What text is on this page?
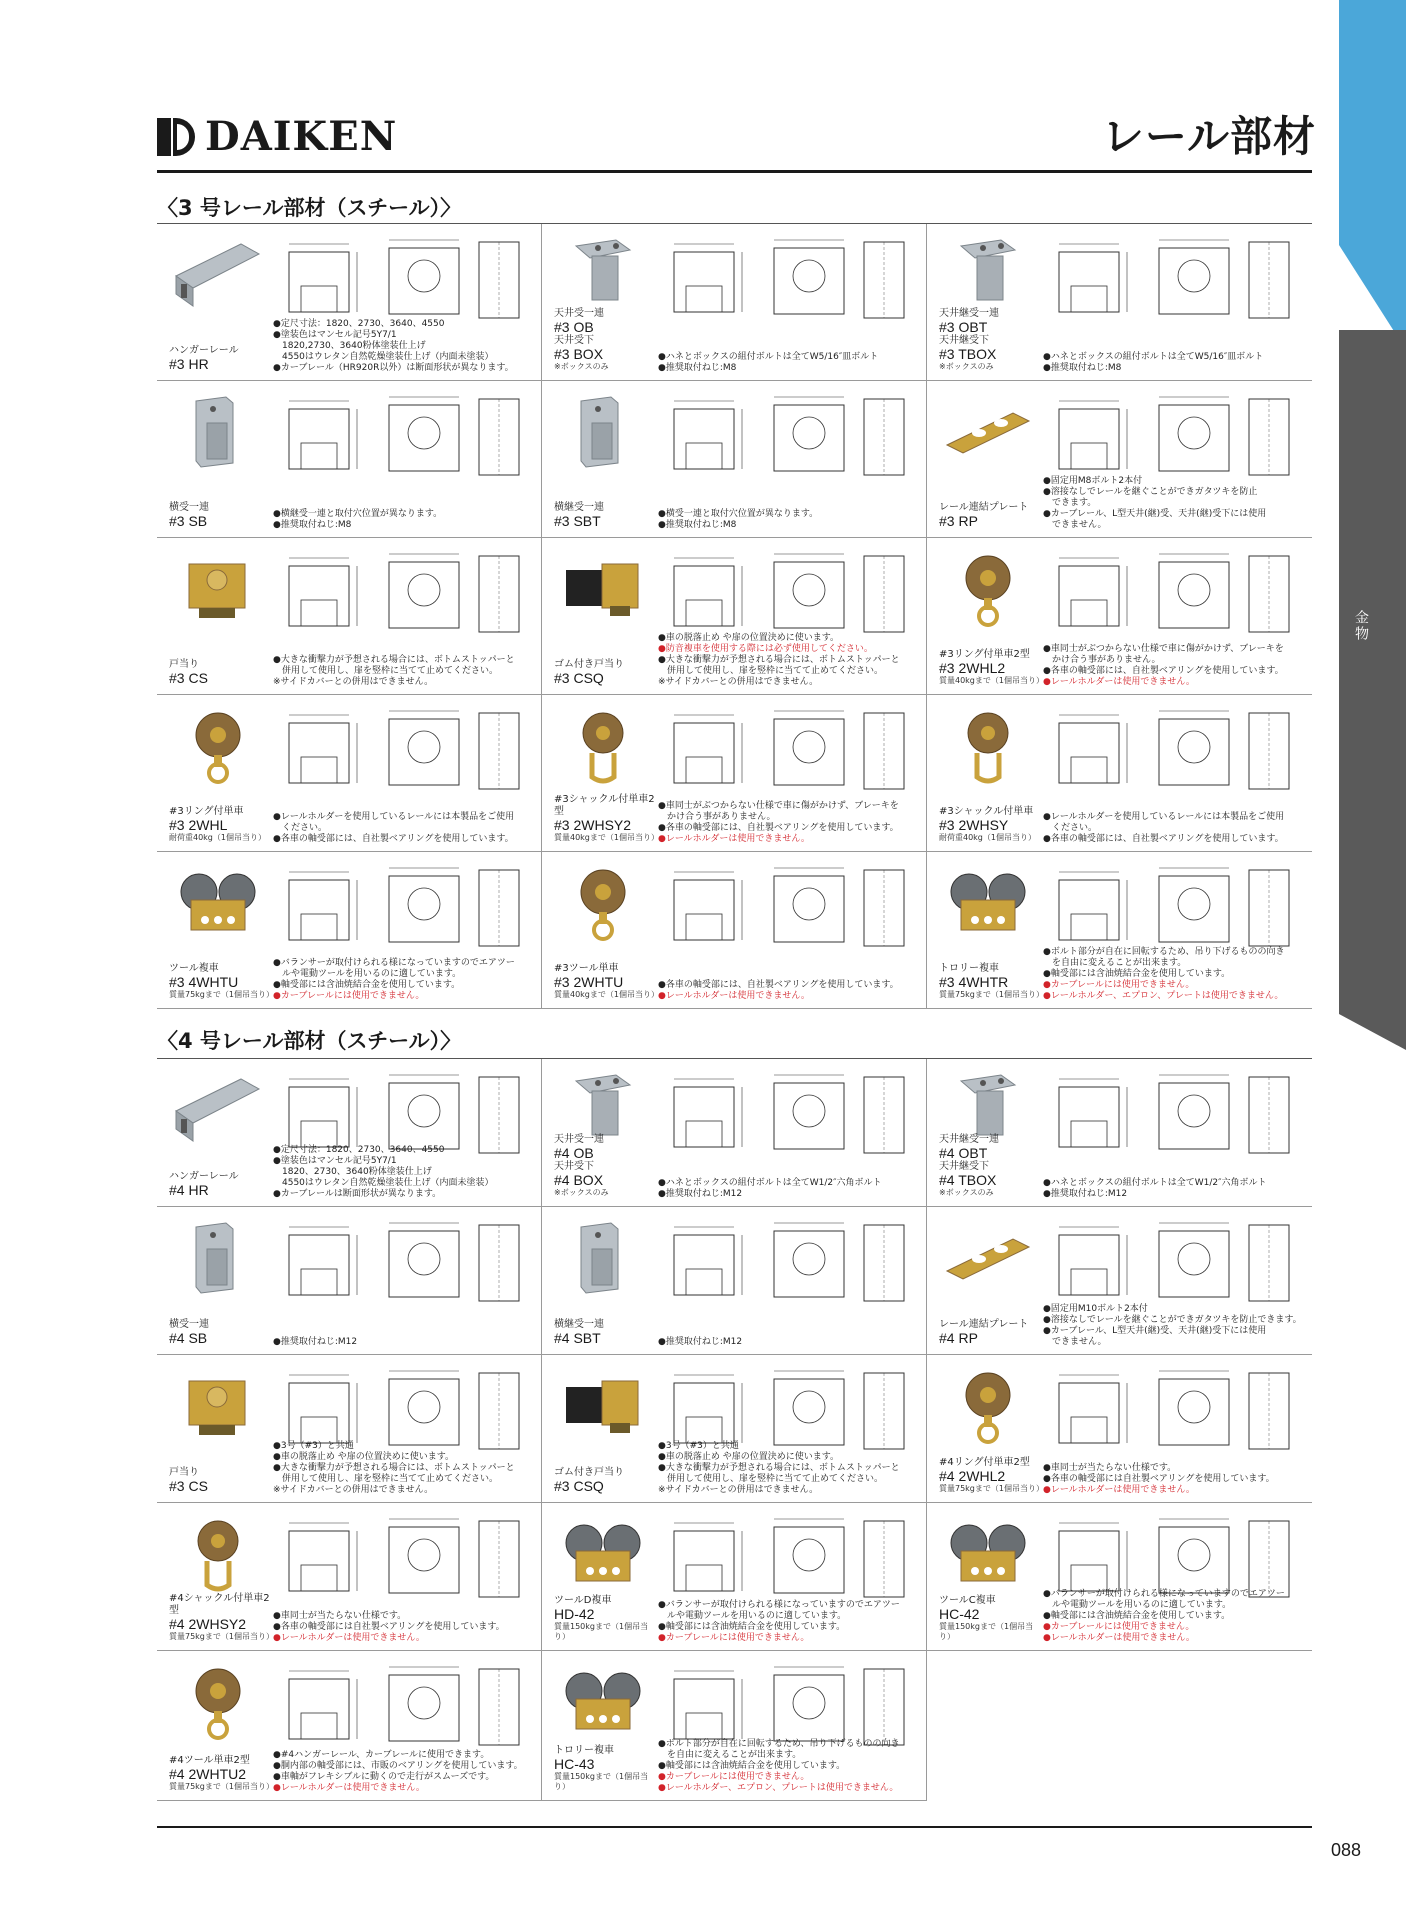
金物
DAIKEN	レール部材
〈3 号レール部材（スチール）〉
ハンガーレール
#3 HR

●定尺寸法：1820、2730、3640、4550

●塗装色はマンセル記号5Y7/1

　1820,2730、3640粉体塗装仕上げ

　4550はウレタン自然乾燥塗装仕上げ（内面未塗装）

●カーブレール（HR920R以外）は断面形状が異なります。

天井受一連
#3 OB
天井受下
#3 BOX
※ボックスのみ

●ハネとボックスの組付ボルトは全てW5/16″皿ボルト

●推奨取付ねじ:M8

天井継受一連
#3 OBT
天井継受下
#3 TBOX
※ボックスのみ

●ハネとボックスの組付ボルトは全てW5/16″皿ボルト

●推奨取付ねじ:M8

横受一連
#3 SB	●横継受一連と取付穴位置が異なります。

●推奨取付ねじ:M8

横継受一連
#3 SBT	●横受一連と取付穴位置が異なります。

●推奨取付ねじ:M8

レール連結プレート
#3 RP

●固定用M8ボルト2本付

●溶接なしでレールを継ぐことができガタツキを防止

　できます。

●カーブレール、L型天井(継)受、天井(継)受下には使用

　できません。

戸当り
#3 CS

●大きな衝撃力が予想される場合には、ボトムストッパーと

　併用して使用し、扉を竪枠に当てて止めてください。

※サイドカバーとの併用はできません。

ゴム付き戸当り
#3 CSQ

●車の脱落止め や扉の位置決めに使います。

●防音複車を使用する際には必ず使用してください。

●大きな衝撃力が予想される場合には、ボトムストッパーと

　併用して使用し、扉を竪枠に当てて止めてください。

※サイドカバーとの併用はできません。

#3リング付単車2型
#3 2WHL2
質量40kgまで（1個吊当り）

●車同士がぶつからない仕様で車に傷がかけず、ブレーキを

　かけ合う事がありません。

●各車の軸受部には、自社製ベアリングを使用しています。

●レールホルダーは使用できません。

#3リング付単車
#3 2WHL
耐荷重40kg（1個吊当り）

●レールホルダーを使用しているレールには本製品をご使用

　ください。

●各車の軸受部には、自社製ベアリングを使用しています。

#3シャックル付単車2型
#3 2WHSY2
質量40kgまで（1個吊当り）

●車同士がぶつからない仕様で車に傷がかけず、ブレーキを

　かけ合う事がありません。

●各車の軸受部には、自社製ベアリングを使用しています。

●レールホルダーは使用できません。

#3シャックル付単車
#3 2WHSY
耐荷重40kg（1個吊当り）

●レールホルダーを使用しているレールには本製品をご使用

　ください。

●各車の軸受部には、自社製ベアリングを使用しています。

ツール複車
#3 4WHTU
質量75kgまで（1個吊当り）

●バランサーが取付けられる様になっていますのでエアツー

　ルや電動ツールを用いるのに適しています。

●軸受部には含油焼結合金を使用しています。

●カーブレールには使用できません。

#3ツール単車
#3 2WHTU
質量40kgまで（1個吊当り）

●各車の軸受部には、自社製ベアリングを使用しています。

●レールホルダーは使用できません。

トロリー複車
#3 4WHTR
質量75kgまで（1個吊当り）

●ボルト部分が自在に回転するため、吊り下げるものの向き

　を自由に変えることが出来ます。

●軸受部には含油焼結合金を使用しています。

●カーブレールには使用できません。

●レールホルダー、エプロン、プレートは使用できません。

〈4 号レール部材（スチール）〉
ハンガーレール
#4 HR

●定尺寸法：1820、2730、3640、4550

●塗装色はマンセル記号5Y7/1

　1820、2730、3640粉体塗装仕上げ

　4550はウレタン自然乾燥塗装仕上げ（内面未塗装）

●カーブレールは断面形状が異なります。

天井受一連
#4 OB
天井受下
#4 BOX
※ボックスのみ

●ハネとボックスの組付ボルトは全てW1/2″六角ボルト

●推奨取付ねじ:M12

天井継受一連
#4 OBT
天井継受下
#4 TBOX
※ボックスのみ

●ハネとボックスの組付ボルトは全てW1/2″六角ボルト

●推奨取付ねじ:M12

横受一連
#4 SB	●推奨取付ねじ:M12

横継受一連
#4 SBT	●推奨取付ねじ:M12

レール連結プレート
#4 RP

●固定用M10ボルト2本付

●溶接なしでレールを継ぐことができガタツキを防止できます。

●カーブレール、L型天井(継)受、天井(継)受下には使用

　できません。

戸当り
#3 CS

●3号（#3）と共通

●車の脱落止め や扉の位置決めに使います。

●大きな衝撃力が予想される場合には、ボトムストッパーと

　併用して使用し、扉を竪枠に当てて止めてください。

※サイドカバーとの併用はできません。

ゴム付き戸当り
#3 CSQ

●3号（#3）と共通

●車の脱落止め や扉の位置決めに使います。

●大きな衝撃力が予想される場合には、ボトムストッパーと

　併用して使用し、扉を竪枠に当てて止めてください。

※サイドカバーとの併用はできません。

#4リング付単車2型
#4 2WHL2
質量75kgまで（1個吊当り）

●車同士が当たらない仕様です。

●各車の軸受部には自社製ベアリングを使用しています。

●レールホルダーは使用できません。

#4シャックル付単車2型
#4 2WHSY2
質量75kgまで（1個吊当り）

●車同士が当たらない仕様です。

●各車の軸受部には自社製ベアリングを使用しています。

●レールホルダーは使用できません。

ツールD複車
HD-42
質量150kgまで（1個吊当り）

●バランサーが取付けられる様になっていますのでエアツー

　ルや電動ツールを用いるのに適しています。

●軸受部には含油焼結合金を使用しています。

●カーブレールには使用できません。

ツールC複車
HC-42
質量150kgまで（1個吊当り）

●バランサーが取付けられる様になっていますのでエアツー

　ルや電動ツールを用いるのに適しています。

●軸受部には含油焼結合金を使用しています。

●カーブレールには使用できません。

●レールホルダーは使用できません。

#4ツール単車2型
#4 2WHTU2
質量75kgまで（1個吊当り）

●#4ハンガーレール、カーブレールに使用できます。

●胴内部の軸受部には、市販のベアリングを使用しています。

●車軸がフレキシブルに動くので走行がスムーズです。

●レールホルダーは使用できません。

トロリー複車
HC-43
質量150kgまで（1個吊当り）

●ボルト部分が自在に回転するため、吊り下げるものの向き

　を自由に変えることが出来ます。

●軸受部には含油焼結合金を使用しています。

●カーブレールには使用できません。

●レールホルダー、エプロン、プレートは使用できません。

088
